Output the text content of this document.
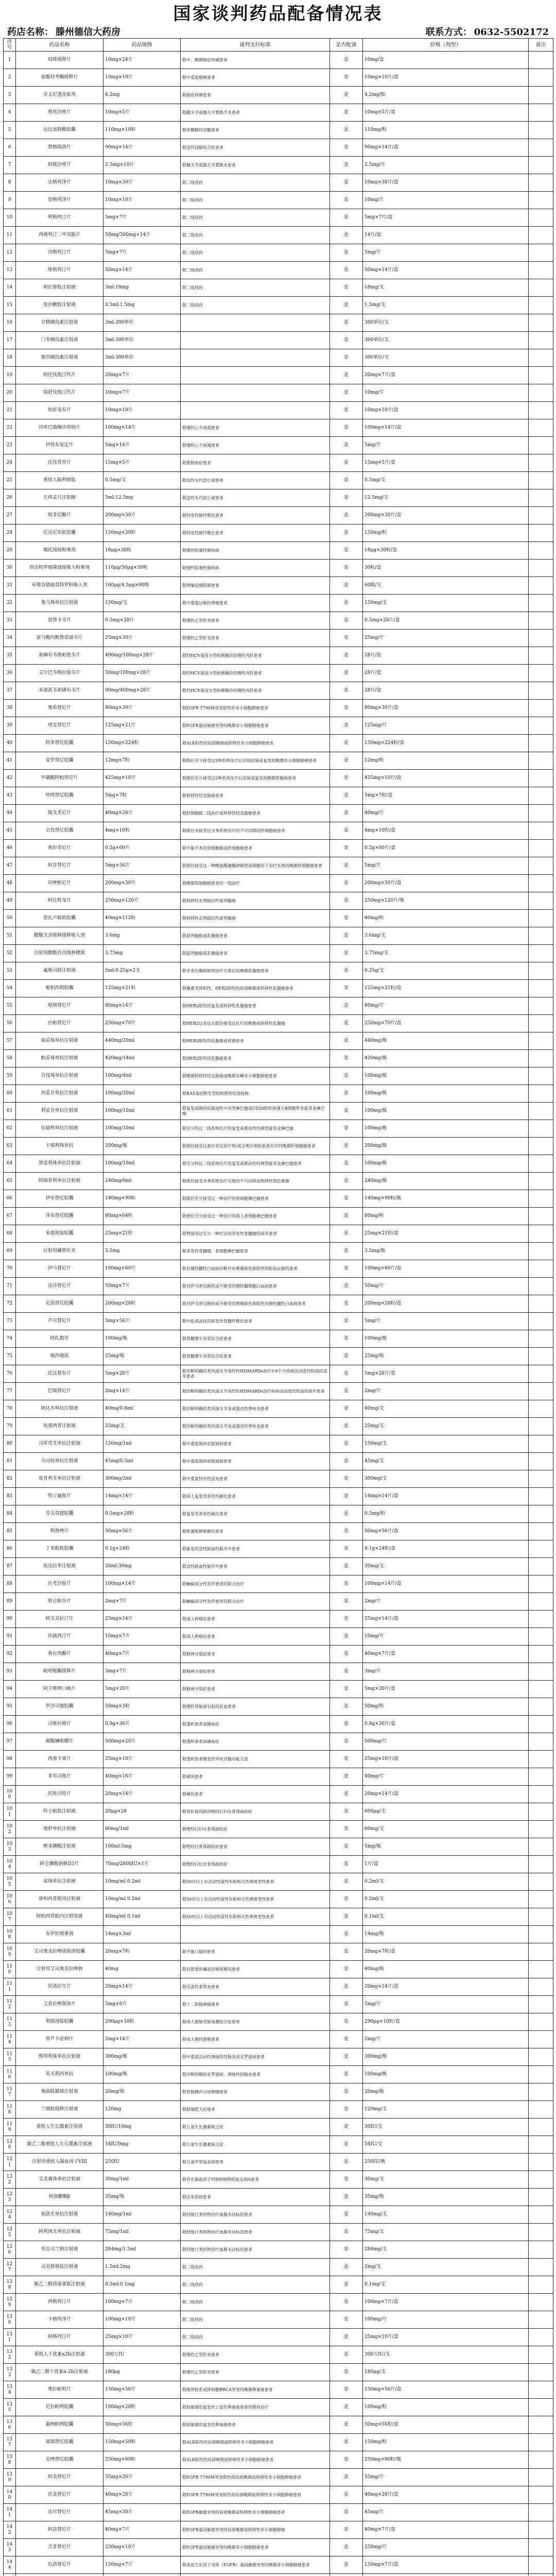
国家谈判药品配备情况表
药店名称： 滕州德信大药房	联系方式： 0632-5502172
序号	药品名称	药品规格	谈判支付标准	是否配备	价格（剂型）	备注
1	吗啡缓释片	10mg×24片	限中、晚期癌症疼痛患者	是	10mg/盒	
2	盐酸羟考酮缓释片	10mg×10片	限中重度癌痛患者	是	10mg×10片/盒	
3	芬太尼透皮贴剂	4.2mg	限癌症疼痛患者	是	4.2mg/贴	
4	利伐沙班片	10mg×5片	限髋关节或膝关节置换手术患者	是	10mg×5片/盒	
5	达比加群酯胶囊	110mg×10粒	限非瓣膜性房颤患者	是	110mg/粒	
6	替格瑞洛片	90mg×14片	限急性冠脉综合征患者	是	90mg×14片/盒	
7	阿哌沙班片	2.5mg×10片	限髋关节或膝关节置换术患者	是	2.5mg/片	
8	达格列净片	10mg×30片	限二线用药	是	10mg×30片/盒	
9	恩格列净片	10mg×10片	限二线用药	是	10mg/片	
10	利格列汀片	5mg×7片	限二线用药	是	5mg×7片/盒	
11	西格列汀二甲双胍片	50mg/500mg×14片	限二线用药	是	14片/盒	
12	沙格列汀片	5mg×7片	限二线用药	是	5mg/片	
13	维格列汀片	50mg×14片	限二线用药	是	50mg×14片/盒	
14	利拉鲁肽注射液	3ml:18mg	限二线用药	是	18mg/支	
15	度拉糖肽注射液	0.5ml:1.5mg	限二线用药	是	1.5mg/支	
16	甘精胰岛素注射液	3ml:300单位		是	300单位/支	
17	门冬胰岛素注射液	3ml:300单位		是	300单位/支	
18	德谷胰岛素注射液	3ml:300单位		是	300单位/支	
19	阿托伐他汀钙片	20mg×7片		是	20mg×7片/盒	
20	瑞舒伐他汀钙片	10mg×7片		是	10mg/片	
21	依折麦布片	10mg×10片		是	10mg×10片/盒	
22	沙库巴曲缬沙坦钠片	100mg×14片	限慢性心力衰竭患者	是	100mg×14片/盒	
23	伊伐布雷定片	5mg×14片	限慢性心力衰竭患者	是	5mg/片	
24	托伐普坦片	15mg×5片	限低钠血症患者	是	15mg×5片/盒	
25	重组人脑利钠肽	0.5mg/支	限急性失代偿心衰患者	是	0.5mg/支	
26	左西孟旦注射液	5ml:12.5mg	限急性失代偿心衰患者	是	12.5mg/支	
27	吡非尼酮片	200mg×30片	限特发性肺纤维化患者	是	200mg×30片/盒	
28	尼达尼布软胶囊	150mg×30粒	限特发性肺纤维化患者	是	150mg/粒	
29	噻托溴铵粉雾剂	18μg×30粒	限慢性阻塞性肺疾病	是	18μg×30粒/盒	
30	茚达特罗格隆溴铵吸入粉雾剂	110μg/50μg×30粒	限慢性阻塞性肺疾病	是	30粒/盒	
31	布地奈德福莫特罗粉吸入剂	160μg/4.5μg×60吸	限哮喘或慢阻肺患者	是	60吸/支	
32	奥马珠单抗注射液	150mg/支	限中重度过敏性哮喘患者	是	150mg/支	
33	恩替卡韦片	0.5mg×28片	限慢性乙型肝炎患者	是	0.5mg×28片/盒	
34	富马酸丙酚替诺福韦片	25mg×30片	限慢性乙型肝炎患者	是	25mg/片	
35	索磷布韦维帕他韦片	400mg/100mg×28片	限经HCV基因分型检测确诊的慢性丙肝患者	是	28片/盒	
36	艾尔巴韦格拉瑞韦片	50mg/100mg×28片	限经HCV基因分型检测确诊的慢性丙肝患者	是	28片/盒	
37	来迪派韦索磷布韦片	90mg/400mg×28片	限经HCV基因分型检测确诊的慢性丙肝患者	是	28片/盒	
38	奥希替尼片	80mg×30片	限EGFR T790M突变阳性的非小细胞肺癌患者	是	80mg×30片/盒	
39	埃克替尼片	125mg×21片	限EGFR基因敏感突变的晚期非小细胞肺癌患者	是	125mg/片	
40	阿来替尼胶囊	150mg×224粒	限ALK阳性的局部晚期或转移性非小细胞肺癌患者	是	150mg×224粒/盒	
41	安罗替尼胶囊	12mg×7粒	限既往至少接受过2种系统化疗后出现进展或复发的晚期非小细胞肺癌患者	是	12mg/粒	
42	甲磺酸阿帕替尼片	425mg×10片	限既往至少接受过2种系统化疗后进展或复发的晚期胃腺癌患者	是	425mg×10片/盒	
43	呋喹替尼胶囊	5mg×7粒	限转移性结直肠癌患者	是	5mg×7粒/盒	
44	瑞戈非尼片	40mg×28片	限肝细胞癌二线治疗或转移性结直肠癌患者	是	40mg/片	
45	仑伐替尼胶囊	4mg×10粒	限既往未接受过全身系统治疗的不可切除的肝细胞癌患者	是	4mg×10粒/盒	
46	索拉非尼片	0.2g×60片	限不能手术的肾细胞癌或肝细胞癌患者	是	0.2g×60片/盒	
47	阿昔替尼片	5mg×56片	限既往接受过一种酪氨酸激酶抑制剂或细胞因子治疗失败的晚期肾细胞癌患者	是	5mg/片	
48	培唑帕尼片	200mg×30片	限晚期肾细胞癌患者的一线治疗	是	200mg×30片/盒	
49	阿比特龙片	250mg×120片	限转移性去势抵抗性前列腺癌	是	250mg×120片/瓶	
50	恩扎卢胺软胶囊	40mg×112粒	限转移性去势抵抗性前列腺癌	是	40mg/粒	
51	醋酸戈舍瑞林缓释植入剂	3.6mg	限前列腺癌或乳腺癌患者	是	3.6mg/支	
52	注射用醋酸亮丙瑞林微球	3.75mg	限前列腺癌或乳腺癌患者	是	3.75mg/支	
53	氟维司群注射液	5ml:0.25g×2支	限芳香化酶抑制剂治疗失败后的晚期乳腺癌患者	是	0.25g/支	
54	哌柏西利胶囊	125mg×21粒	限激素受体阳性、HER2阴性的局部晚期或转移性乳腺癌患者	是	125mg×21粒/盒	
55	吡咯替尼片	80mg×14片	限HER2阳性的复发或转移性乳腺癌患者	是	80mg/片	
56	拉帕替尼片	250mg×70片	限HER2过表达且既往接受过化疗的晚期或转移性乳腺癌	是	250mg×70片/盒	
57	曲妥珠单抗注射液	440mg/20ml	限HER2阳性的乳腺癌或胃癌患者	是	440mg/瓶	
58	帕妥珠单抗注射液	420mg/14ml	限HER2阳性的乳腺癌患者	是	420mg/瓶	
59	贝伐珠单抗注射液	100mg/4ml	限晚期转移性结直肠癌或晚期非鳞非小细胞肺癌患者	是	100mg/瓶	
60	西妥昔单抗注射液	100mg/20ml	限RAS基因野生型的转移性结直肠癌	是	100mg/瓶	
61	利妥昔单抗注射液	100mg/10ml	限复发或耐药的滤泡性中央型淋巴瘤或CD20阳性弥漫大B细胞性非霍奇金淋巴瘤	是	100mg/瓶	
62	信迪利单抗注射液	100mg/10ml	限至少经过二线系统化疗的复发或难治性经典型霍奇金淋巴瘤	是	100mg/瓶	
63	卡瑞利珠单抗	200mg/瓶	限既往接受过索拉非尼治疗和/或含奥沙利铂系统化疗的晚期肝细胞癌患者	是	200mg/瓶	
64	替雷利珠单抗注射液	100mg/10ml	限至少经过二线系统化疗的复发或难治性经典型霍奇金淋巴瘤患者	是	100mg/瓶	
65	特瑞普利单抗注射液	240mg/6ml	限既往接受全身系统治疗失败的不可切除或转移性黑色素瘤	是	240mg/瓶	
66	伊布替尼胶囊	140mg×90粒	限既往至少接受过一种治疗的套细胞淋巴瘤患者	是	140mg×90粒/瓶	
67	泽布替尼胶囊	80mg×64粒	限既往至少接受过一种治疗的成人套细胞淋巴瘤患者	是	80mg/粒	
68	来那度胺胶囊	25mg×21粒	限曾接受过至少一种疗法的多发性骨髓瘤的成年患者	是	25mg×21粒/盒	
69	注射用硼替佐米	3.5mg	限多发性骨髓瘤、套细胞淋巴瘤患者	是	3.5mg/瓶	
70	伊马替尼片	100mg×60片	限有慢性髓性白血病诊断并有费城染色体阳性的检验证据的患者	是	100mg×60片/盒	
71	达沙替尼片	50mg×7片	限对伊马替尼耐药或不耐受的慢性髓细胞白血病患者	是	50mg/片	
72	尼洛替尼胶囊	200mg×28粒	限对伊马替尼耐药或不耐受的费城染色体阳性的慢性髓性白血病患者	是	200mg×28粒/盒	
73	芦可替尼片	5mg×56片	限中危或高危的原发性骨髓纤维化患者	是	5mg/片	
74	阿扎胞苷	100mg/瓶	限骨髓增生异常综合征患者	是	100mg/瓶	
75	地西他滨	25mg/瓶	限骨髓增生异常综合征患者	是	25mg/瓶	
76	托法替布片	5mg×28片	限诊断明确的类风湿关节炎经传统DMARDs治疗3-6个月疾病活动度仍较高的成年患者	是	5mg×28片/盒	
77	巴瑞替尼片	2mg×14片	限诊断明确的类风湿关节炎经传统DMARDs治疗疾病活动度仍较高的成年患者	是	2mg/片	
78	阿达木单抗注射液	40mg/0.8ml	限诊断明确的类风湿关节炎或强直性脊柱炎患者	是	40mg/支	
79	依那西普注射液	25mg/支	限诊断明确的类风湿关节炎或强直性脊柱炎患者	是	25mg/支	
80	司库奇尤单抗注射液	150mg/1ml	限中重度斑块状银屑病患者	是	150mg/支	
81	乌司奴单抗注射液	45mg/0.5ml	限中重度斑块状银屑病患者	是	45mg/支	
82	度普利尤单抗注射液	300mg/2ml	限中重度特应性皮炎患者	是	300mg/支	
83	特立氟胺片	14mg×14片	限成人复发型多发性硬化患者	是	14mg×14片/盒	
84	芬戈莫德胶囊	0.5mg×28粒	限复发型多发性硬化患者	是	0.5mg/粒	
85	利鲁唑片	50mg×56片	限肌萎缩侧索硬化患者	是	50mg×56片/盒	
86	丁苯酞软胶囊	0.1g×24粒	限新发的急性缺血性脑卒中患者	是	0.1g×24粒/盒	
87	依达拉奉注射液	20ml:30mg	限急性缺血性脑卒中患者	是	30mg/支	
88	拉考沙胺片	100mg×14片	限癫痫部分性发作患者的联合治疗	是	100mg×14片/盒	
89	吡仑帕奈片	2mg×7片	限癫痫部分性发作患者的联合治疗	是	2mg/片	
90	阿戈美拉汀片	25mg×14片	限成人抑郁症患者	是	25mg×14片/盒	
91	伏硫西汀片	10mg×7片	限成人抑郁症患者	是	10mg/片	
92	鲁拉西酮片	40mg×7片	限精神分裂症患者	是	40mg×7片/盒	
93	帕利哌酮缓释片	3mg×7片	限精神分裂症患者	是	3mg/片	
94	阿立哌唑口崩片	5mg×20片	限精神分裂症患者	是	5mg×20片/盒	
95	罗沙司他胶囊	50mg×3粒	限慢性肾脏病引起的贫血患者	是	50mg/粒	
96	司维拉姆片	0.8g×36片	限透析患者高磷血症	是	0.8g×36片/盒	
97	碳酸镧咀嚼片	500mg×20片	限透析患者高磷血症	是	500mg/片	
98	西那卡塞片	25mg×10片	限透析患者继发性甲状旁腺功能亢进	是	25mg×10片/盒	
99	非布司他片	40mg×16片	限痛风患者	是	40mg/片	
100	托吡司特片	20mg×14片	限痛风患者	是	20mg×14片/盒	
101	特立帕肽注射液	20μg×28	限骨折高风险的绝经后妇女骨质疏松症	是	600μg/支	
102	地舒单抗注射液	60mg/1ml	限绝经后妇女骨质疏松症	是	60mg/支	
103	唑来膦酸注射液	100ml:5mg	限绝经后骨质疏松症患者	是	5mg/瓶	
104	阿仑膦酸钠维D3片	70mg/2800IU×1片	限绝经后妇女骨质疏松症	是	1片/盒	
105	雷珠单抗注射液	10mg/ml 0.2ml	限50岁以上有活动性湿性年龄相关性黄斑变性患者	是	0.2ml/支	
106	康柏西普眼用注射液	10mg/ml 0.2ml	限50岁以上有活动性湿性年龄相关性黄斑变性患者	是	0.2ml/支	
107	阿柏西普眼内注射溶液	40mg/ml 0.1ml	限50岁以上有活动性湿性年龄相关性黄斑变性患者	是	0.1ml/支	
108	布罗佐喷雾剂	14mg×3ml		是	14mg/瓶	
109	艾司奥美拉唑镁肠溶胶囊	20mg×7粒	限不能口服的患者	是	20mg×7粒/盒	
110	注射用艾司奥美拉唑钠	40mg	限有禁食医嘱或吞咽困难的患者	是	40mg/瓶	
111	伏诺拉生片	20mg×14片	限反流性食管炎患者	是	20mg×14片/盒	
112	艾普拉唑肠溶片	5mg×6片	限十二指肠溃疡患者	是	5mg/片	
113	利那洛肽胶囊	290μg×10粒	限成人便秘型肠易激综合征患者	是	290μg×10粒/盒	
114	普芦卡必利片	2mg×14片	限成人慢性便秘患者	是	2mg/片	
115	维得利珠单抗注射液	300mg/瓶	限中重度活动性溃疡性结肠炎或克罗恩病患者	是	300mg/瓶	
116	英夫利西单抗	100mg/瓶	限诊断明确的克罗恩病、溃疡性结肠炎患者	是	100mg/瓶	
117	奥曲肽微球注射剂	20mg/瓶	限胃肠胰内分泌肿瘤患者	是	20mg/瓶	
118	兰瑞肽缓释注射液	120mg	限肢端肥大症患者	是	120mg/支	
119	重组人生长激素注射液	30IU/10mg	限儿童生长激素缺乏症	是	30IU/支	
120	聚乙二醇重组人生长激素注射液	54IU/9mg	限儿童生长激素缺乏症	是	54IU/支	
121	注射用重组人凝血因子VIII	250IU	限儿童甲型血友病患者	是	250IU/瓶	
122	艾美赛珠单抗注射液	30mg/1ml	限存在凝血因子VIII抑制物的血友病A患者	是	30mg/支	
123	阿加糖酶β	35mg/瓶	限法布雷病患者	是	35mg/瓶	
124	依洛尤单抗注射液	140mg/1ml	限经他汀类药物治疗血脂未达标的患者	是	140mg/支	
125	阿利西尤单抗注射液	75mg/1ml	限经他汀类药物治疗血脂未达标的患者	是	75mg/支	
126	英克司兰钠注射液	284mg/1.5ml	限经他汀类药物治疗血脂未达标的患者	是	284mg/支	
127	司美格鲁肽注射液	1.5ml:2mg	限二线用药	是	2mg/支	
128	聚乙二醇洛塞那肽注射液	0.5ml:0.1mg	限二线用药	是	0.1mg/支	
129	西格列汀片	100mg×7片	限二线用药	是	100mg×7片/盒	
130	卡格列净片	100mg×10片	限二线用药	是	100mg/片	
131	阿格列汀片	25mg×10片	限二线用药	是	25mg×10片/盒	
132	重组人干扰素α2b注射液	300万IU	限慢性乙型肝炎患者	是	300万IU/支	
133	聚乙二醇干扰素α-2b注射液	180μg	限慢性乙型肝炎患者	是	180μg/支	
134	奥拉帕利片	150mg×56片	限携带胚系或体细胞BRCA突变的晚期卵巢癌患者	是	150mg×56片/盒	
135	尼拉帕利胶囊	100mg×28粒	限铂敏感的复发性上皮性卵巢癌患者的维持治疗	是	100mg/粒	
136	氟唑帕利胶囊	50mg×56粒	限铂敏感的复发性卵巢癌患者	是	50mg×56粒/盒	
137	塞瑞替尼胶囊	150mg×50粒	限ALK阳性的局部晚期或转移性非小细胞肺癌患者	是	150mg/粒	
138	克唑替尼胶囊	250mg×60粒	限ALK阳性的局部晚期或转移性非小细胞肺癌患者	是	250mg×60粒/瓶	
139	阿美替尼片	55mg×20片	限EGFR T790M突变阳性的局部晚期或转移性非小细胞肺癌患者	是	55mg/片	
140	伏美替尼片	40mg×28片	限EGFR T790M突变阳性的局部晚期或转移性非小细胞肺癌患者	是	40mg×28片/盒	
141	达可替尼片	45mg×30片	限EGFR敏感突变的局部晚期或转移性非小细胞肺癌患者	是	45mg/片	
142	阿法替尼片	40mg×7片	限EGFR基因敏感突变的局部晚期或转移性非小细胞肺癌	是	40mg×7片/盒	
143	吉非替尼片	250mg×10片	限EGFR基因敏感突变的晚期非小细胞肺癌患者	是	250mg/片	
144	厄洛替尼片	150mg×7片	限表皮生长因子受体（EGFR）基因敏感突变的晚期非小细胞肺癌患者	是	150mg×7片/盒	
